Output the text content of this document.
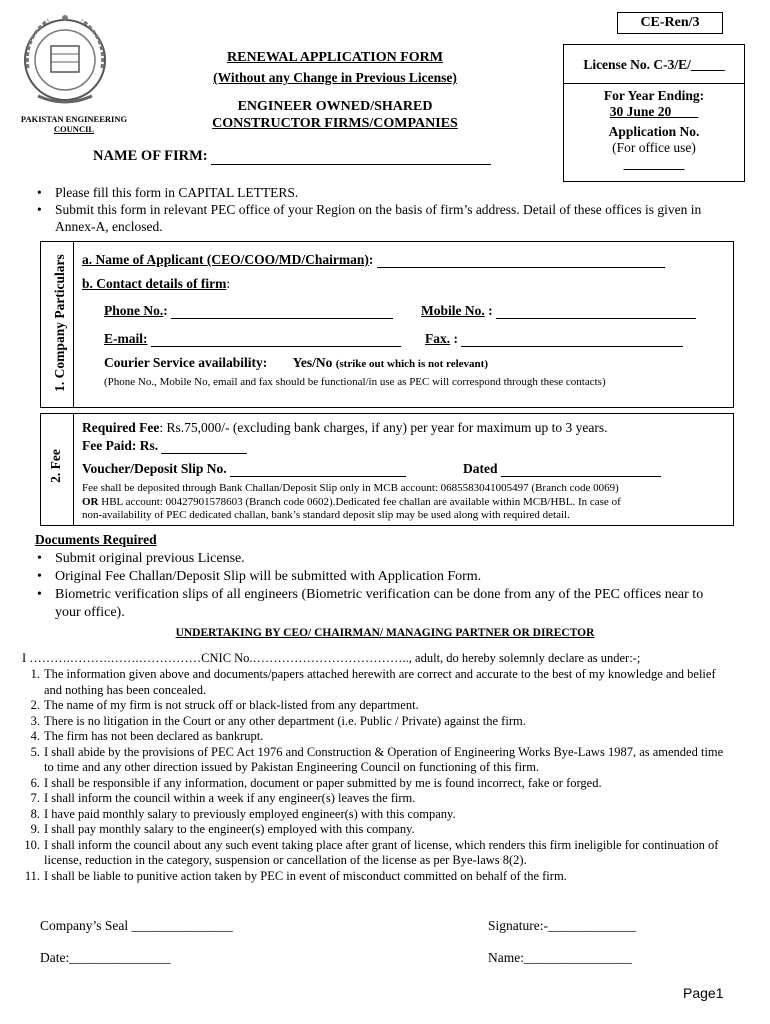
CE-Ren/3
PAKISTAN ENGINEERING
COUNCIL
RENEWAL APPLICATION FORM
(Without any Change in Previous License)
ENGINEER OWNED/SHARED
CONSTRUCTOR FIRMS/COMPANIES
NAME OF FIRM:
License No. C-3/E/_____
For Year Ending:
30 June 20____
Application No.
(For office use)
_________
• Please fill this form in CAPITAL LETTERS.
• Submit this form in relevant PEC office of your Region on the basis of firm’s address. Detail of these offices is given in Annex-A, enclosed.
1. Company Particulars a. Name of Applicant (CEO/COO/MD/Chairman):
b. Contact details of firm:
Phone No.:	Mobile No. :
E-mail:	Fax. :
Courier Service availability: Yes/No (strike out which is not relevant)
(Phone No., Mobile No, email and fax should be functional/in use as PEC will correspond through these contacts)
2. Fee
Required Fee: Rs.75,000/- (excluding bank charges, if any) per year for maximum up to 3 years.
Fee Paid: Rs.
Voucher/Deposit Slip No.	Dated
Fee shall be deposited through Bank Challan/Deposit Slip only in MCB account: 0685583041005497 (Branch code 0069)
OR HBL account: 00427901578603 (Branch code 0602).Dedicated fee challan are available within MCB/HBL. In case of
non-availability of PEC dedicated challan, bank’s standard deposit slip may be used along with required detail.
Documents Required
• Submit original previous License.
• Original Fee Challan/Deposit Slip will be submitted with Application Form.
• Biometric verification slips of all engineers (Biometric verification can be done from any of the PEC offices near to your office).
UNDERTAKING BY CEO/ CHAIRMAN/ MANAGING PARTNER OR DIRECTOR
I ……….……….…….……………CNIC No.……………………………….., adult, do hereby solemnly declare as under:-;
1. The information given above and documents/papers attached herewith are correct and accurate to the best of my knowledge and belief and nothing has been concealed.
2. The name of my firm is not struck off or black-listed from any department.
3. There is no litigation in the Court or any other department (i.e. Public / Private) against the firm.
4. The firm has not been declared as bankrupt.
5. I shall abide by the provisions of PEC Act 1976 and Construction & Operation of Engineering Works Bye-Laws 1987, as amended time to time and any other direction issued by Pakistan Engineering Council on functioning of this firm.
6. I shall be responsible if any information, document or paper submitted by me is found incorrect, fake or forged.
7. I shall inform the council within a week if any engineer(s) leaves the firm.
8. I have paid monthly salary to previously employed engineer(s) with this company.
9. I shall pay monthly salary to the engineer(s) employed with this company.
10. I shall inform the council about any such event taking place after grant of license, which renders this firm ineligible for continuation of license, reduction in the category, suspension or cancellation of the license as per Bye-laws 8(2).
11. I shall be liable to punitive action taken by PEC in event of misconduct committed on behalf of the firm.
Company’s Seal _______________	Signature:-_____________
Date:_______________	Name:________________
Page1
